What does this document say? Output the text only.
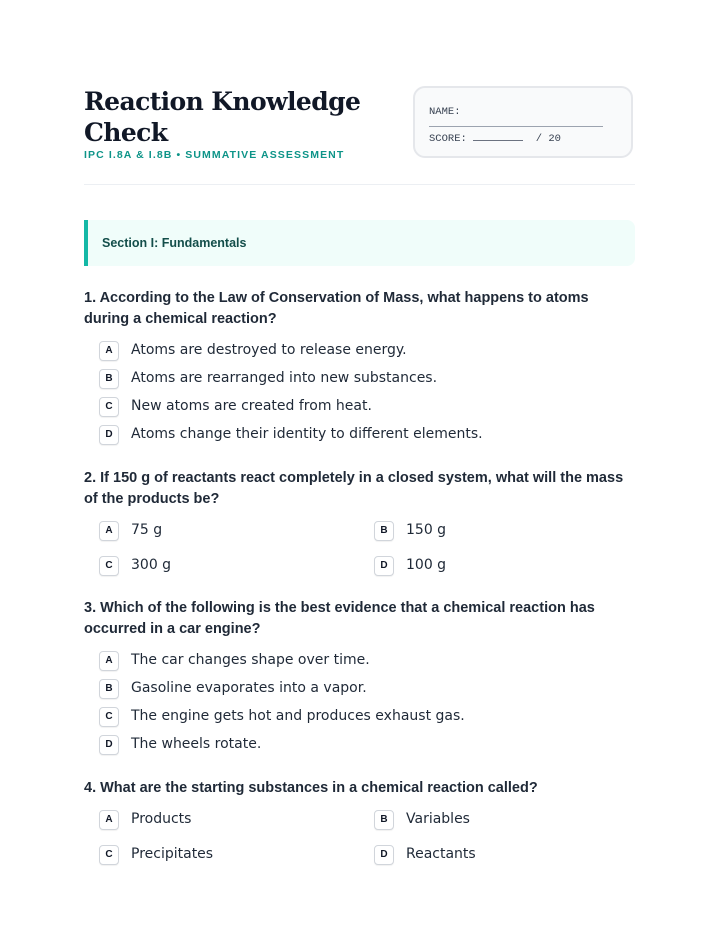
Reaction Knowledge Check
IPC I.8A & I.8B • SUMMATIVE ASSESSMENT
NAME:
SCORE:	/ 20
Section I: Fundamentals

1. According to the Law of Conservation of Mass, what happens to atoms during a chemical reaction?

A	Atoms are destroyed to release energy.
B	Atoms are rearranged into new substances.
C	New atoms are created from heat.
D	Atoms change their identity to different elements.

2. If 150 g of reactants react completely in a closed system, what will the mass of the products be?

A	75 g	B	150 g
C	300 g	D	100 g

3. Which of the following is the best evidence that a chemical reaction has occurred in a car engine?

A	The car changes shape over time.
B	Gasoline evaporates into a vapor.
C	The engine gets hot and produces exhaust gas.
D	The wheels rotate.

4. What are the starting substances in a chemical reaction called?

A	Products	B	Variables
C	Precipitates	D	Reactants
